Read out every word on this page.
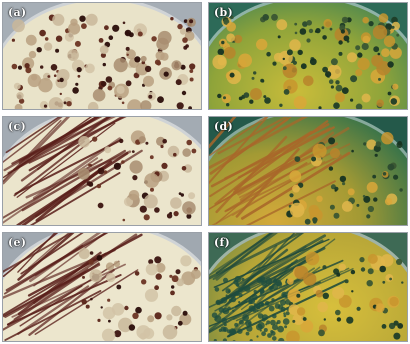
(a)	(b)
(c)	(d)
(e)	(f)
